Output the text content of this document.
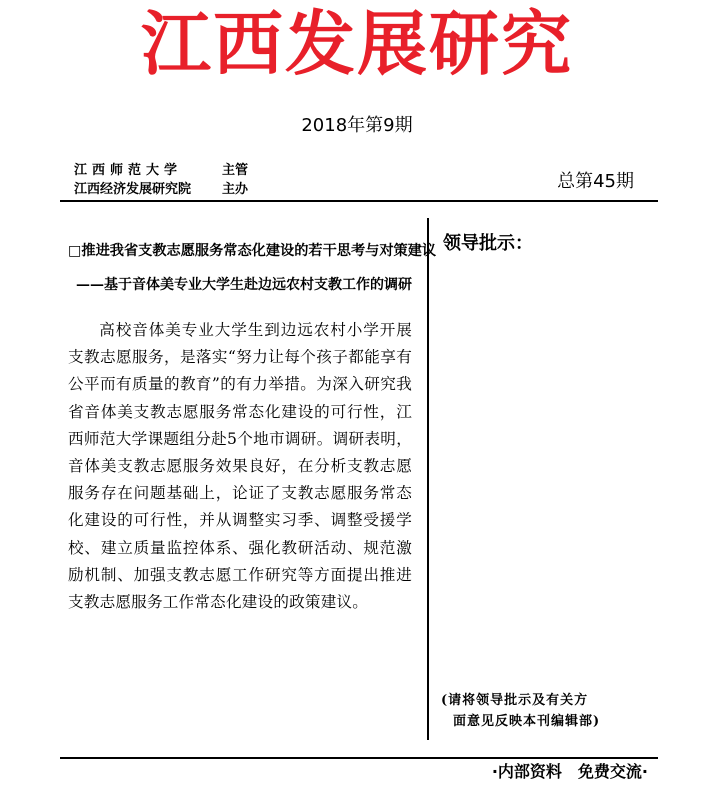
江西发展研究
2018年第9期
江西师范大学	主管
江西经济发展研究院	主办	总第45期
□推进我省支教志愿服务常态化建设的若干思考与对策建议
——基于音体美专业大学生赴边远农村支教工作的调研
高校音体美专业大学生到边远农村小学开展支教志愿服务，是落实“努力让每个孩子都能享有公平而有质量的教育”的有力举措。为深入研究我省音体美支教志愿服务常态化建设的可行性，江西师范大学课题组分赴5个地市调研。调研表明，音体美支教志愿服务效果良好，在分析支教志愿服务存在问题基础上，论证了支教志愿服务常态化建设的可行性，并从调整实习季、调整受援学校、建立质量监控体系、强化教研活动、规范激励机制、加强支教志愿工作研究等方面提出推进支教志愿服务工作常态化建设的政策建议。
领导批示：
(请将领导批示及有关方
面意见反映本刊编辑部)
·内部资料　免费交流·
